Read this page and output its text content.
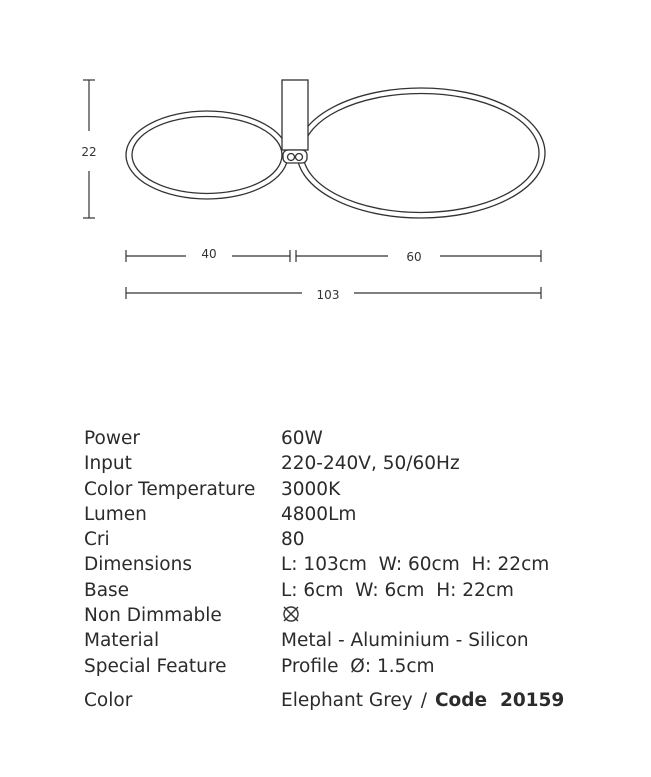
22
40	60
103
Power	60W
Input	220-240V, 50/60Hz
Color Temperature	3000K
Lumen	4800Lm
Cri	80
Dimensions	L: 103cm  W: 60cm  H: 22cm
Base	L: 6cm  W: 6cm  H: 22cm
Non Dimmable
Material	Metal - Aluminium - Silicon
Special Feature	Profile  Ø: 1.5cm
Color	Elephant Grey / Code  20159
